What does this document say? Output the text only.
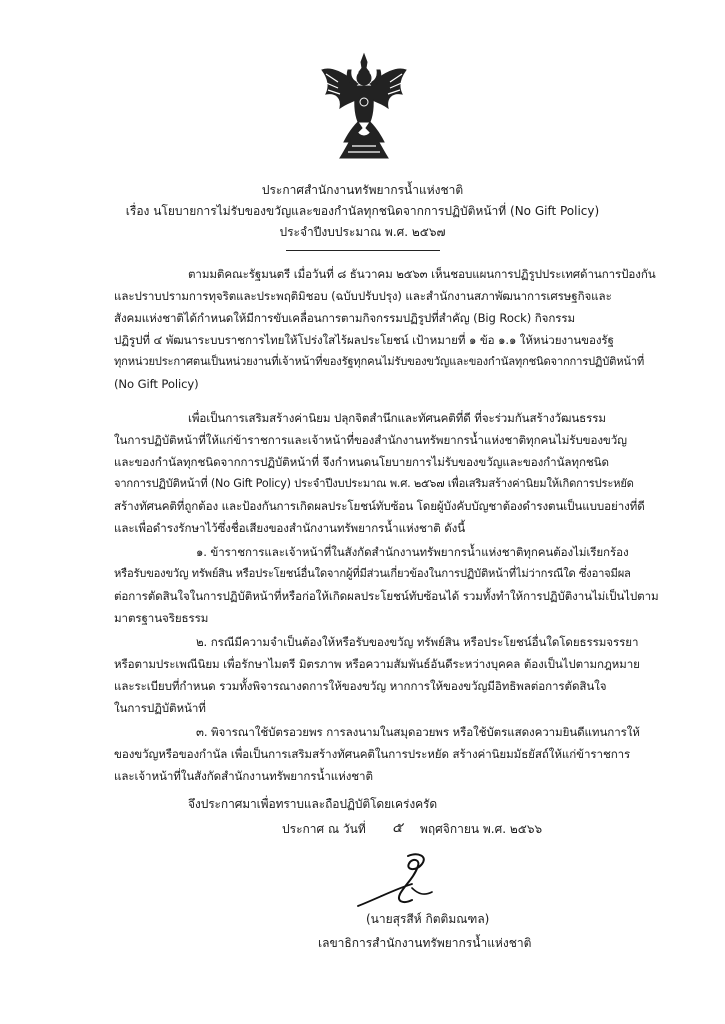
ประกาศสำนักงานทรัพยากรน้ำแห่งชาติ
เรื่อง นโยบายการไม่รับของขวัญและของกำนัลทุกชนิดจากการปฏิบัติหน้าที่ (No Gift Policy)
ประจำปีงบประมาณ พ.ศ. ๒๕๖๗
ตามมติคณะรัฐมนตรี เมื่อวันที่ ๘ ธันวาคม ๒๕๖๓ เห็นชอบแผนการปฏิรูปประเทศด้านการป้องกัน
และปราบปรามการทุจริตและประพฤติมิชอบ (ฉบับปรับปรุง) และสำนักงานสภาพัฒนาการเศรษฐกิจและ
สังคมแห่งชาติได้กำหนดให้มีการขับเคลื่อนการตามกิจกรรมปฏิรูปที่สำคัญ (Big Rock) กิจกรรม
ปฏิรูปที่ ๔ พัฒนาระบบราชการไทยให้โปร่งใสไร้ผลประโยชน์ เป้าหมายที่ ๑ ข้อ ๑.๑ ให้หน่วยงานของรัฐ
ทุกหน่วยประกาศตนเป็นหน่วยงานที่เจ้าหน้าที่ของรัฐทุกคนไม่รับของขวัญและของกำนัลทุกชนิดจากการปฏิบัติหน้าที่
(No Gift Policy)
เพื่อเป็นการเสริมสร้างค่านิยม ปลุกจิตสำนึกและทัศนคติที่ดี ที่จะร่วมกันสร้างวัฒนธรรม
ในการปฏิบัติหน้าที่ให้แก่ข้าราชการและเจ้าหน้าที่ของสำนักงานทรัพยากรน้ำแห่งชาติทุกคนไม่รับของขวัญ
และของกำนัลทุกชนิดจากการปฏิบัติหน้าที่ จึงกำหนดนโยบายการไม่รับของขวัญและของกำนัลทุกชนิด
จากการปฏิบัติหน้าที่ (No Gift Policy) ประจำปีงบประมาณ พ.ศ. ๒๕๖๗ เพื่อเสริมสร้างค่านิยมให้เกิดการประหยัด
สร้างทัศนคติที่ถูกต้อง และป้องกันการเกิดผลประโยชน์ทับซ้อน โดยผู้บังคับบัญชาต้องดำรงตนเป็นแบบอย่างที่ดี
และเพื่อดำรงรักษาไว้ซึ่งชื่อเสียงของสำนักงานทรัพยากรน้ำแห่งชาติ ดังนี้
๑. ข้าราชการและเจ้าหน้าที่ในสังกัดสำนักงานทรัพยากรน้ำแห่งชาติทุกคนต้องไม่เรียกร้อง
หรือรับของขวัญ ทรัพย์สิน หรือประโยชน์อื่นใดจากผู้ที่มีส่วนเกี่ยวข้องในการปฏิบัติหน้าที่ไม่ว่ากรณีใด ซึ่งอาจมีผล
ต่อการตัดสินใจในการปฏิบัติหน้าที่หรือก่อให้เกิดผลประโยชน์ทับซ้อนได้ รวมทั้งทำให้การปฏิบัติงานไม่เป็นไปตาม
มาตรฐานจริยธรรม
๒. กรณีมีความจำเป็นต้องให้หรือรับของขวัญ ทรัพย์สิน หรือประโยชน์อื่นใดโดยธรรมจรรยา
หรือตามประเพณีนิยม เพื่อรักษาไมตรี มิตรภาพ หรือความสัมพันธ์อันดีระหว่างบุคคล ต้องเป็นไปตามกฎหมาย
และระเบียบที่กำหนด รวมทั้งพิจารณางดการให้ของขวัญ หากการให้ของขวัญมีอิทธิพลต่อการตัดสินใจ
ในการปฏิบัติหน้าที่
๓. พิจารณาใช้บัตรอวยพร การลงนามในสมุดอวยพร หรือใช้บัตรแสดงความยินดีแทนการให้
ของขวัญหรือของกำนัล เพื่อเป็นการเสริมสร้างทัศนคติในการประหยัด สร้างค่านิยมมัธยัสถ์ให้แก่ข้าราชการ
และเจ้าหน้าที่ในสังกัดสำนักงานทรัพยากรน้ำแห่งชาติ
จึงประกาศมาเพื่อทราบและถือปฏิบัติโดยเคร่งครัด
ประกาศ ณ วันที่ ๕ พฤศจิกายน พ.ศ. ๒๕๖๖
(นายสุรสีห์ กิตติมณฑล)
เลขาธิการสำนักงานทรัพยากรน้ำแห่งชาติ
